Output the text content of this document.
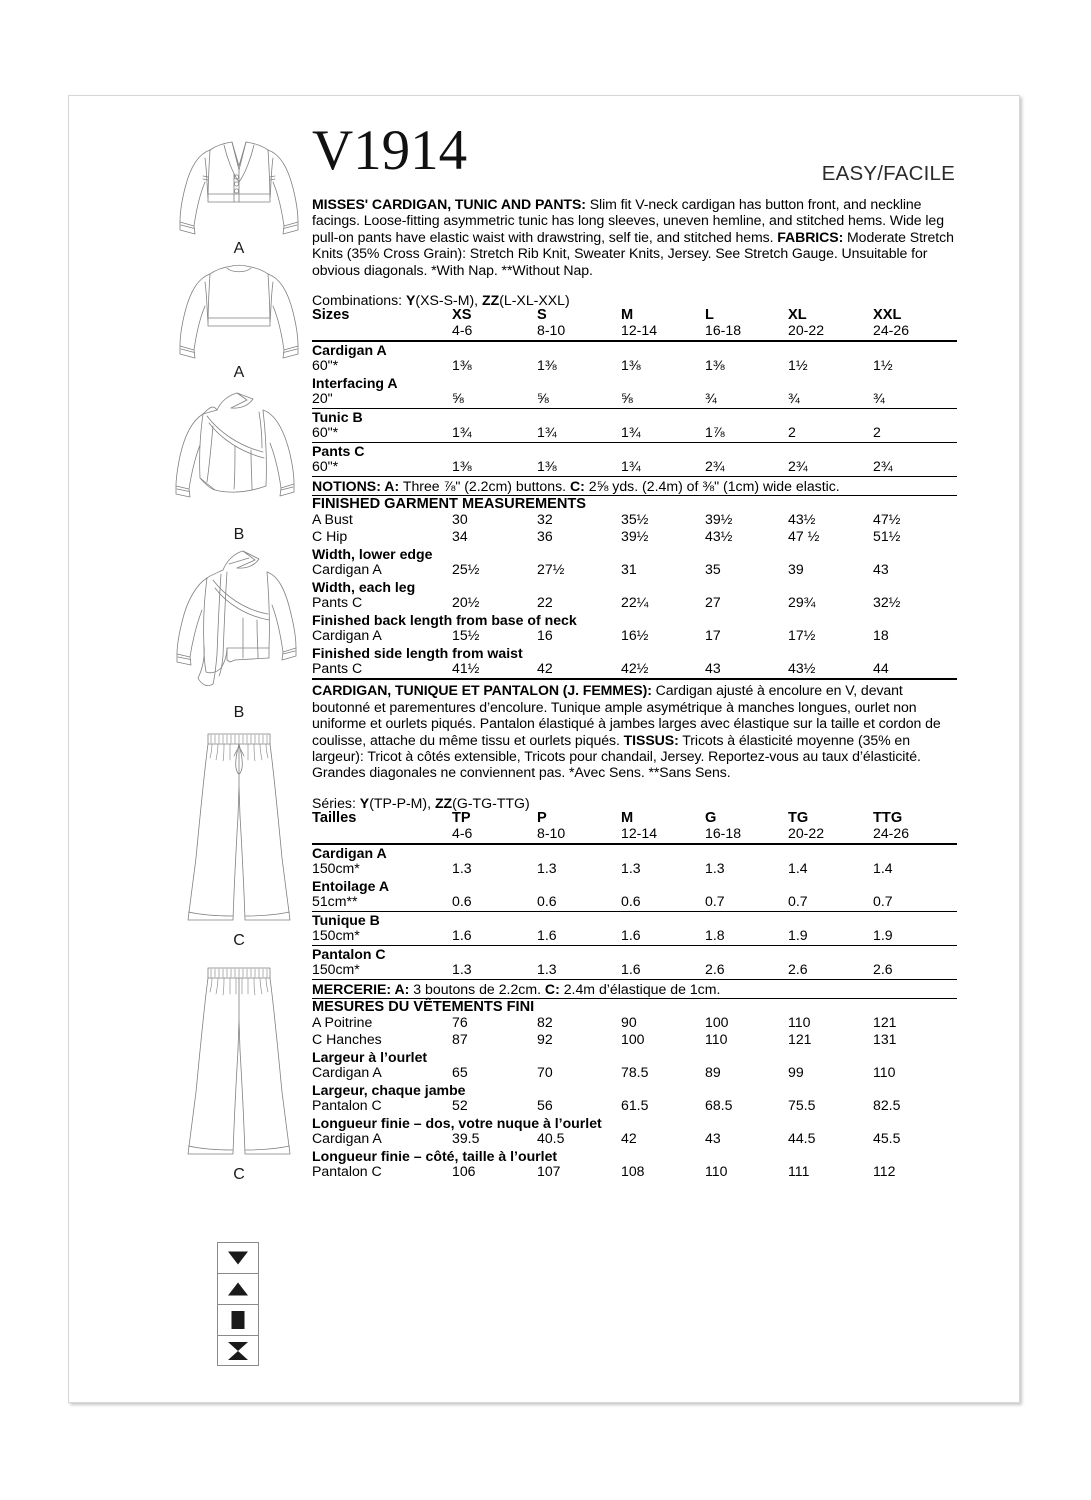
A
A
B
B
C
C
V1914	EASY/FACILE

MISSES' CARDIGAN, TUNIC AND PANTS: Slim fit V-neck cardigan has button front, and neckline facings. Loose-fitting asymmetric tunic has long sleeves, uneven hemline, and stitched hems. Wide leg pull-on pants have elastic waist with drawstring, self tie, and stitched hems. FABRICS: Moderate Stretch Knits (35% Cross Grain): Stretch Rib Knit, Sweater Knits, Jersey. See Stretch Gauge. Unsuitable for obvious diagonals. *With Nap. **Without Nap.

Combinations: Y(XS-S-M), ZZ(L-XL-XXL)
Sizes	XS	S	M	L	XL	XXL
	4-6	8-10	12-14	16-18	20-22	24-26
Cardigan A						
60"*	1⅜	1⅜	1⅜	1⅜	1½	1½
Interfacing A						
20"	⅝	⅝	⅝	¾	¾	¾
Tunic B
60"*	1¾	1¾	1¾	1⅞	2	2
Pants C
60"*	1⅜	1⅜	1¾	2¾	2¾	2¾
NOTIONS: A: Three ⅞" (2.2cm) buttons. C: 2⅝ yds. (2.4m) of ⅜" (1cm) wide elastic.
FINISHED GARMENT MEASUREMENTS
A Bust	30	32	35½	39½	43½	47½
C Hip	34	36	39½	43½	47 ½	51½
Width, lower edge						
Cardigan A	25½	27½	31	35	39	43
Width, each leg						
Pants C	20½	22	22¼	27	29¾	32½
Finished back length from base of neck						
Cardigan A	15½	16	16½	17	17½	18
Finished side length from waist						
Pants C	41½	42	42½	43	43½	44

CARDIGAN, TUNIQUE ET PANTALON (J. FEMMES): Cardigan ajusté à encolure en V, devant boutonné et parementures d’encolure. Tunique ample asymétrique à manches longues, ourlet non uniforme et ourlets piqués. Pantalon élastiqué à jambes larges avec élastique sur la taille et cordon de coulisse, attache du même tissu et ourlets piqués. TISSUS: Tricots à élasticité moyenne (35% en largeur): Tricot à côtés extensible, Tricots pour chandail, Jersey. Reportez-vous au taux d’élasticité. Grandes diagonales ne conviennent pas. *Avec Sens. **Sans Sens.

Séries: Y(TP-P-M), ZZ(G-TG-TTG)
Tailles	TP	P	M	G	TG	TTG
	4-6	8-10	12-14	16-18	20-22	24-26
Cardigan A						
150cm*	1.3	1.3	1.3	1.3	1.4	1.4
Entoilage A						
51cm**	0.6	0.6	0.6	0.7	0.7	0.7
Tunique B
150cm*	1.6	1.6	1.6	1.8	1.9	1.9
Pantalon C
150cm*	1.3	1.3	1.6	2.6	2.6	2.6
MERCERIE: A: 3 boutons de 2.2cm. C: 2.4m d’élastique de 1cm.
MESURES DU VÊTEMENTS FINI
A Poitrine	76	82	90	100	110	121
C Hanches	87	92	100	110	121	131
Largeur à l’ourlet						
Cardigan A	65	70	78.5	89	99	110
Largeur, chaque jambe						
Pantalon C	52	56	61.5	68.5	75.5	82.5
Longueur finie – dos, votre nuque à l’ourlet						
Cardigan A	39.5	40.5	42	43	44.5	45.5
Longueur finie – côté, taille à l’ourlet						
Pantalon C	106	107	108	110	111	112
